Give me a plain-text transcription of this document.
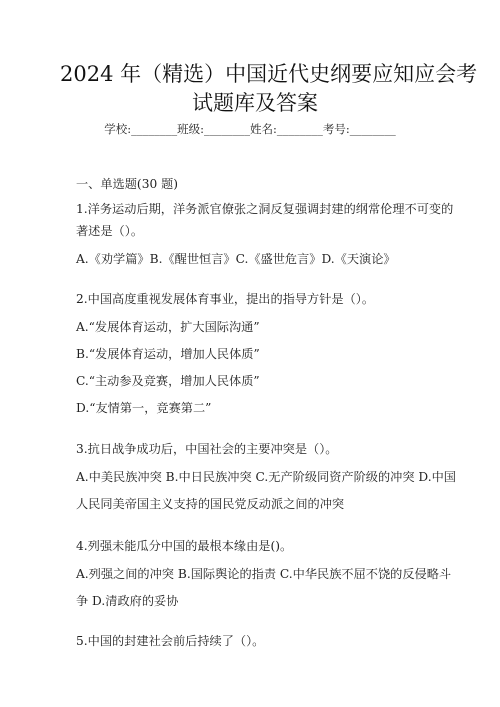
2024 年（精选）中国近代史纲要应知应会考
试题库及答案
学校:________班级:________姓名:________考号:________
一、单选题(30 题)
1.洋务运动后期，洋务派官僚张之洞反复强调封建的纲常伦理不可变的
著述是（）。
A.《劝学篇》B.《醒世恒言》C.《盛世危言》D.《天演论》
2.中国高度重视发展体育事业，提出的指导方针是（）。
A.“发展体育运动，扩大国际沟通”
B.“发展体育运动，增加人民体质”
C.“主动参及竞赛，增加人民体质”
D.“友情第一，竞赛第二”
3.抗日战争成功后，中国社会的主要冲突是（）。
A.中美民族冲突 B.中日民族冲突 C.无产阶级同资产阶级的冲突 D.中国
人民同美帝国主义支持的国民党反动派之间的冲突
4.列强未能瓜分中国的最根本缘由是()。
A.列强之间的冲突 B.国际舆论的指责 C.中华民族不屈不饶的反侵略斗
争 D.清政府的妥协
5.中国的封建社会前后持续了（）。
